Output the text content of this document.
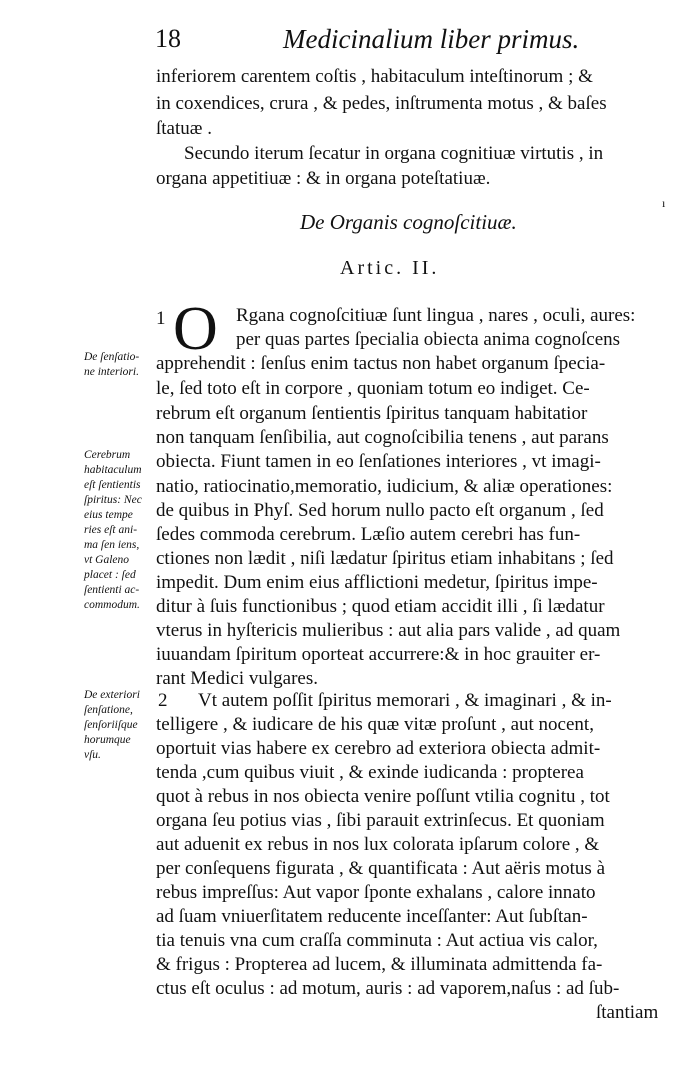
18	Medicinalium liber primus.
inferiorem carentem coſtis , habitaculum inteſtinorum ; &
in coxendices, crura , & pedes, inſtrumenta motus , & baſes
ſtatuæ .
Secundo iterum ſecatur in organa cognitiuæ virtutis , in
organa appetitiuæ : & in organa poteſtatiuæ.
ı
De Organis cognoſcitiuæ.
Artic. II.
1 O Rgana cognoſcitiuæ ſunt lingua , nares , oculi, aures:
per quas partes ſpecialia obiecta anima cognoſcens
apprehendit : ſenſus enim tactus non habet organum ſpecia-
le, ſed toto eſt in corpore , quoniam totum eo indiget. Ce-
rebrum eſt organum ſentientis ſpiritus tanquam habitatior
non tanquam ſenſibilia, aut cognoſcibilia tenens , aut parans
obiecta. Fiunt tamen in eo ſenſationes interiores , vt imagi-
natio, ratiocinatio,memoratio, iudicium, & aliæ operationes:
de quibus in Phyſ. Sed horum nullo pacto eſt organum , ſed
ſedes commoda cerebrum. Læſio autem cerebri has fun-
ctiones non lædit , niſi lædatur ſpiritus etiam inhabitans ; ſed
impedit. Dum enim eius afflictioni medetur, ſpiritus impe-
ditur à ſuis functionibus ; quod etiam accidit illi , ſi lædatur
vterus in hyſtericis mulieribus : aut alia pars valide , ad quam
iuuandam ſpiritum oporteat accurrere:& in hoc grauiter er-
rant Medici vulgares.
2 Vt autem poſſit ſpiritus memorari , & imaginari , & in-
telligere , & iudicare de his quæ vitæ proſunt , aut nocent,
oportuit vias habere ex cerebro ad exteriora obiecta admit-
tenda ,cum quibus viuit , & exinde iudicanda : propterea
quot à rebus in nos obiecta venire poſſunt vtilia cognitu , tot
organa ſeu potius vias , ſibi parauit extrinſecus. Et quoniam
aut aduenit ex rebus in nos lux colorata ipſarum colore , &
per conſequens figurata , & quantificata : Aut aëris motus à
rebus impreſſus: Aut vapor ſponte exhalans , calore innato
ad ſuam vniuerſitatem reducente inceſſanter: Aut ſubſtan-
tia tenuis vna cum craſſa comminuta : Aut actiua vis calor,
& frigus : Propterea ad lucem, & illuminata admittenda fa-
ctus eſt oculus : ad motum, auris : ad vaporem,naſus : ad ſub-
ſtantiam
De ſenſatio-
ne interiori.
Cerebrum
habitaculum
eſt ſentientis
ſpiritus: Nec
eius tempe
ries eſt ani-
ma ſen iens,
vt Galeno
placet : ſed
ſentienti ac-
commodum.
De exteriori
ſenſatione,
ſenſoriiſque
horumque
vſu.
